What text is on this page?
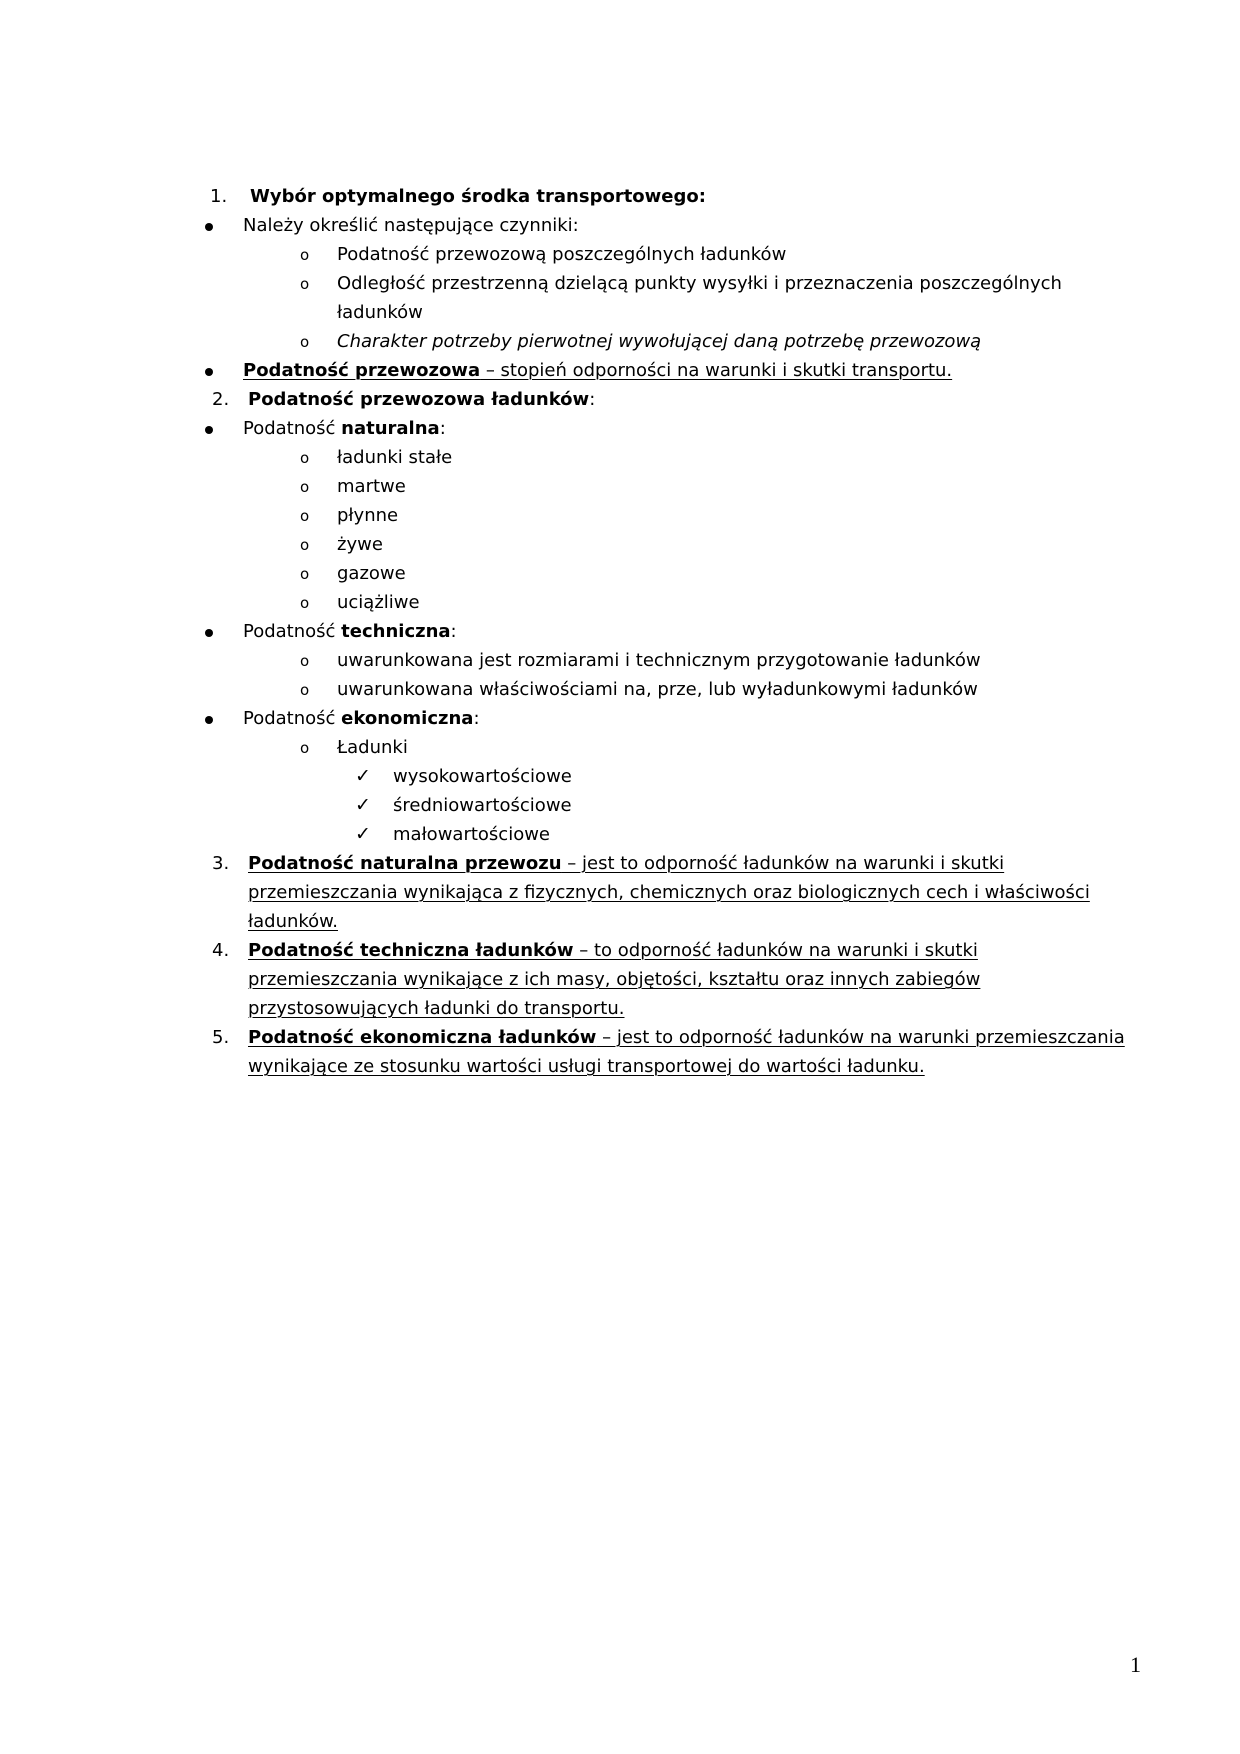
1. Wybór optymalnego środka transportowego:
Należy określić następujące czynniki:
o Podatność przewozową poszczególnych ładunków
o Odległość przestrzenną dzielącą punkty wysyłki i przeznaczenia poszczególnych
ładunków
o Charakter potrzeby pierwotnej wywołującej daną potrzebę przewozową
Podatność przewozowa – stopień odporności na warunki i skutki transportu.
2. Podatność przewozowa ładunków:
Podatność naturalna:
o ładunki stałe
o martwe
o płynne
o żywe
o gazowe
o uciążliwe
Podatność techniczna:
o uwarunkowana jest rozmiarami i technicznym przygotowanie ładunków
o uwarunkowana właściwościami na, prze, lub wyładunkowymi ładunków
Podatność ekonomiczna:
o Ładunki
✓ wysokowartościowe
✓ średniowartościowe
✓ małowartościowe
3. Podatność naturalna przewozu – jest to odporność ładunków na warunki i skutki
przemieszczania wynikająca z fizycznych, chemicznych oraz biologicznych cech i właściwości
ładunków.
4. Podatność techniczna ładunków – to odporność ładunków na warunki i skutki
przemieszczania wynikające z ich masy, objętości, kształtu oraz innych zabiegów
przystosowujących ładunki do transportu.
5. Podatność ekonomiczna ładunków – jest to odporność ładunków na warunki przemieszczania
wynikające ze stosunku wartości usługi transportowej do wartości ładunku.
1
